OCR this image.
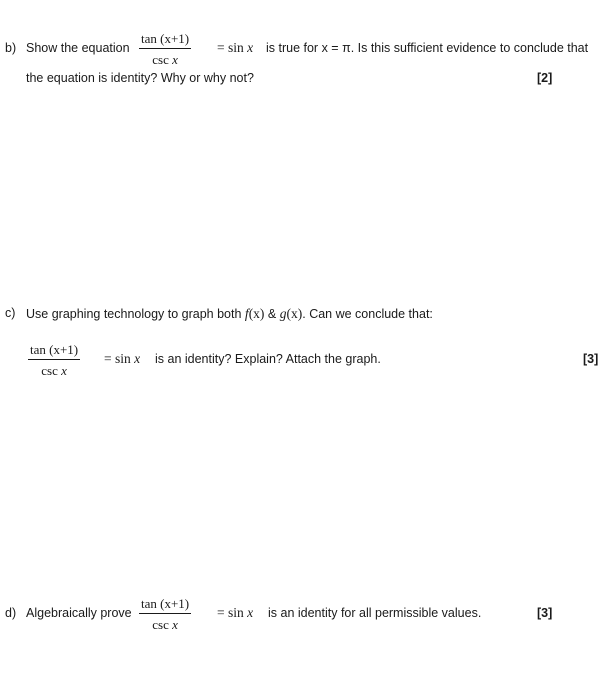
b) Show the equation
tan (x+1)
csc x
= sin x is true for x = π. Is this sufficient evidence to conclude that
the equation is identity? Why or why not?	[2]
c) Use graphing technology to graph both f(x) & g(x). Can we conclude that:
tan (x+1)
csc x
= sin x is an identity? Explain? Attach the graph.	[3]
d) Algebraically prove
tan (x+1)
csc x
= sin x is an identity for all permissible values.	[3]
